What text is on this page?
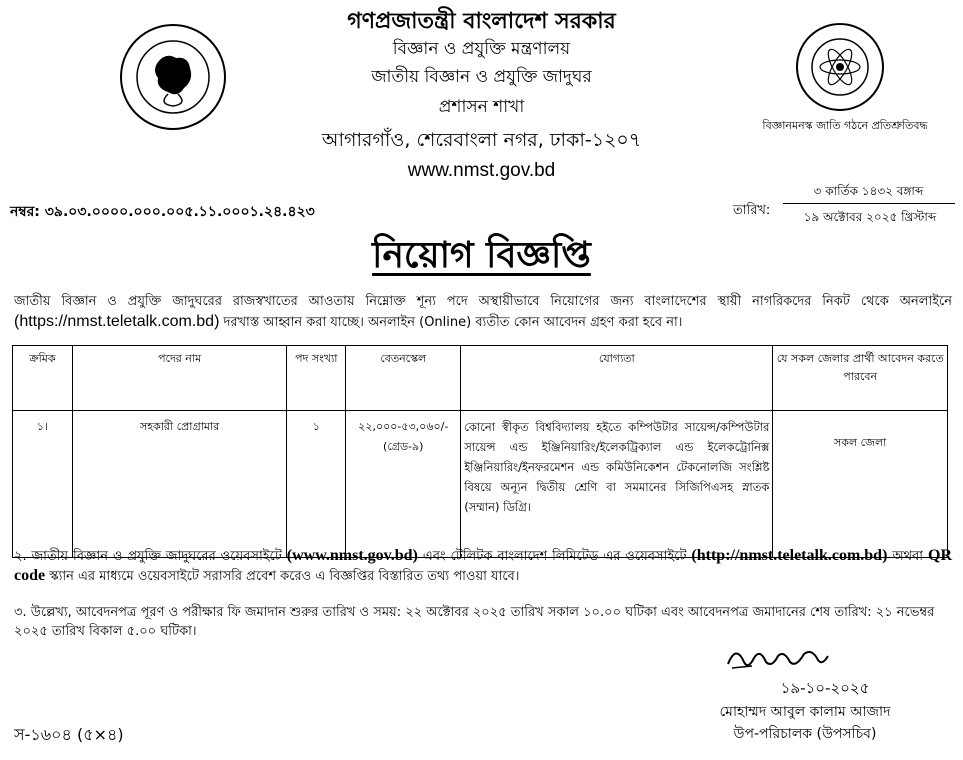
গণপ্রজাতন্ত্রী বাংলাদেশ সরকার
বিজ্ঞান ও প্রযুক্তি মন্ত্রণালয়
জাতীয় বিজ্ঞান ও প্রযুক্তি জাদুঘর
প্রশাসন শাখা
আগারগাঁও, শেরেবাংলা নগর, ঢাকা-১২০৭
www.nmst.gov.bd
বিজ্ঞানমনস্ক জাতি গঠনে প্রতিশ্রুতিবদ্ধ
নম্বর: ৩৯.০৩.০০০০.০০০.০০৫.১১.০০০১.২৪.৪২৩	তারিখ:
৩ কার্তিক ১৪৩২ বঙ্গাব্দ
১৯ অক্টোবর ২০২৫ খ্রিস্টাব্দ
নিয়োগ বিজ্ঞপ্তি
জাতীয় বিজ্ঞান ও প্রযুক্তি জাদুঘরের রাজস্বখাতের আওতায় নিম্নোক্ত শূন্য পদে অস্থায়ীভাবে নিয়োগের জন্য বাংলাদেশের স্থায়ী নাগরিকদের নিকট থেকে অনলাইনে (https://nmst.teletalk.com.bd) দরখাস্ত আহ্বান করা যাচ্ছে। অনলাইন (Online) ব্যতীত কোন আবেদন গ্রহণ করা হবে না।
ক্রমিক	পদের নাম	পদ সংখ্যা	বেতনস্কেল	যোগ্যতা	যে সকল জেলার প্রার্থী আবেদন করতে পারবেন
১।	সহকারী প্রোগ্রামার	১	২২,০০০-৫৩,০৬০/- (গ্রেড-৯)	কোনো স্বীকৃত বিশ্ববিদ্যালয় হইতে কম্পিউটার সায়েন্স/কম্পিউটার সায়েন্স এন্ড ইঞ্জিনিয়ারিং/ইলেকট্রিক্যাল এন্ড ইলেকট্রোনিক্স ইঞ্জিনিয়ারিং/ইনফরমেশন এন্ড কমিউনিকেশন টেকনোলজি সংশ্লিষ্ট বিষয়ে অন্যূন দ্বিতীয় শ্রেণি বা সমমানের সিজিপিএসহ স্নাতক (সম্মান) ডিগ্রি।	সকল জেলা
২. জাতীয় বিজ্ঞান ও প্রযুক্তি জাদুঘরের ওয়েবসাইটে (www.nmst.gov.bd) এবং টেলিটক বাংলাদেশ লিমিটেড এর ওয়েবসাইটে (http://nmst.teletalk.com.bd) অথবা QR code স্ক্যান এর মাধ্যমে ওয়েবসাইটে সরাসরি প্রবেশ করেও এ বিজ্ঞপ্তির বিস্তারিত তথ্য পাওয়া যাবে।
৩. উল্লেখ্য, আবেদনপত্র পূরণ ও পরীক্ষার ফি জমাদান শুরুর তারিখ ও সময়: ২২ অক্টোবর ২০২৫ তারিখ সকাল ১০.০০ ঘটিকা এবং আবেদনপত্র জমাদানের শেষ তারিখ: ২১ নভেম্বর ২০২৫ তারিখ বিকাল ৫.০০ ঘটিকা।
১৯-১০-২০২৫
মোহাম্মদ আবুল কালাম আজাদ
উপ-পরিচালক (উপসচিব)
স-১৬০৪ (৫×৪)
